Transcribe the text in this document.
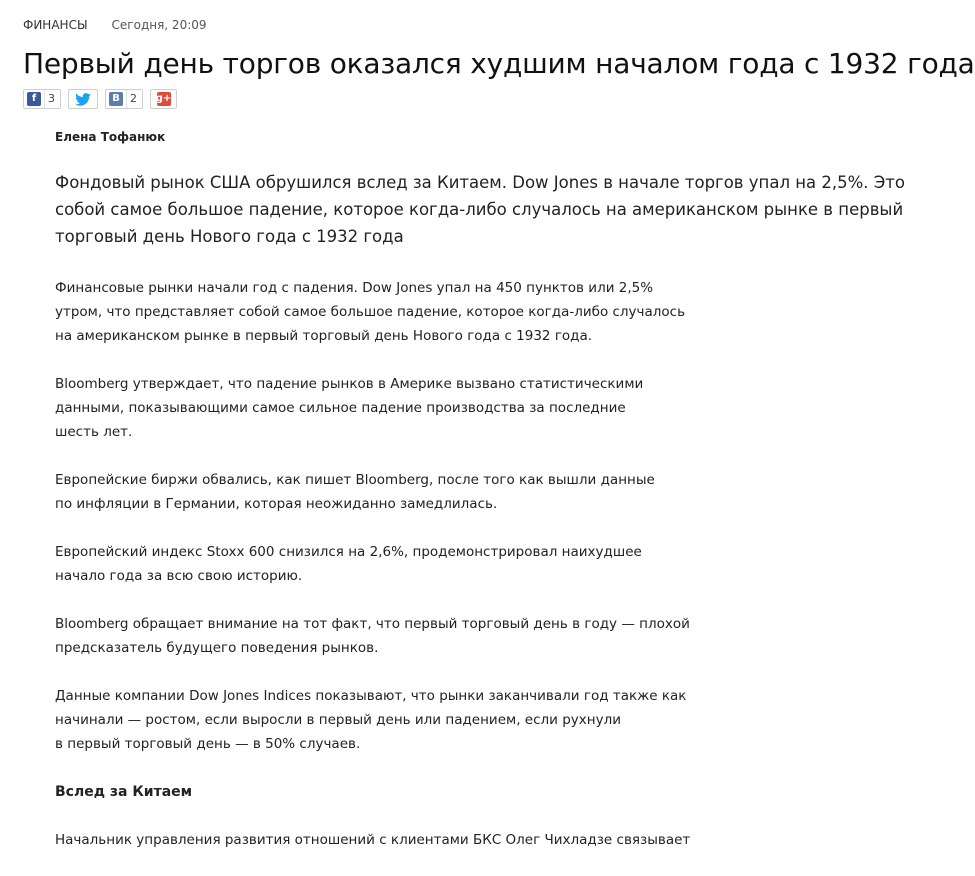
ФИНАНСЫ Сегодня, 20:09
Первый день торгов оказался худшим началом года с 1932 года
f	3	В 2	g+
Елена Тофанюк

Фондовый рынок США обрушился вслед за Китаем. Dow Jones в начале торгов упал на 2,5%. Это
собой самое большое падение, которое когда-либо случалось на американском рынке в первый
торговый день Нового года с 1932 года

Финансовые рынки начали год с падения. Dow Jones упал на 450 пунктов или 2,5%
утром, что представляет собой самое большое падение, которое когда-либо случалось
на американском рынке в первый торговый день Нового года с 1932 года.

Bloomberg утверждает, что падение рынков в Америке вызвано статистическими
данными, показывающими самое сильное падение производства за последние
шесть лет.

Европейские биржи обвались, как пишет Bloomberg, после того как вышли данные
по инфляции в Германии, которая неожиданно замедлилась.

Европейский индекс Stoxx 600 снизился на 2,6%, продемонстрировал наихудшее
начало года за всю свою историю.

Bloomberg обращает внимание на тот факт, что первый торговый день в году — плохой
предсказатель будущего поведения рынков.

Данные компании Dow Jones Indices показывают, что рынки заканчивали год также как
начинали — ростом, если выросли в первый день или падением, если рухнули
в первый торговый день — в 50% случаев.

Вслед за Китаем

Начальник управления развития отношений с клиентами БКС Олег Чихладзе связывает
